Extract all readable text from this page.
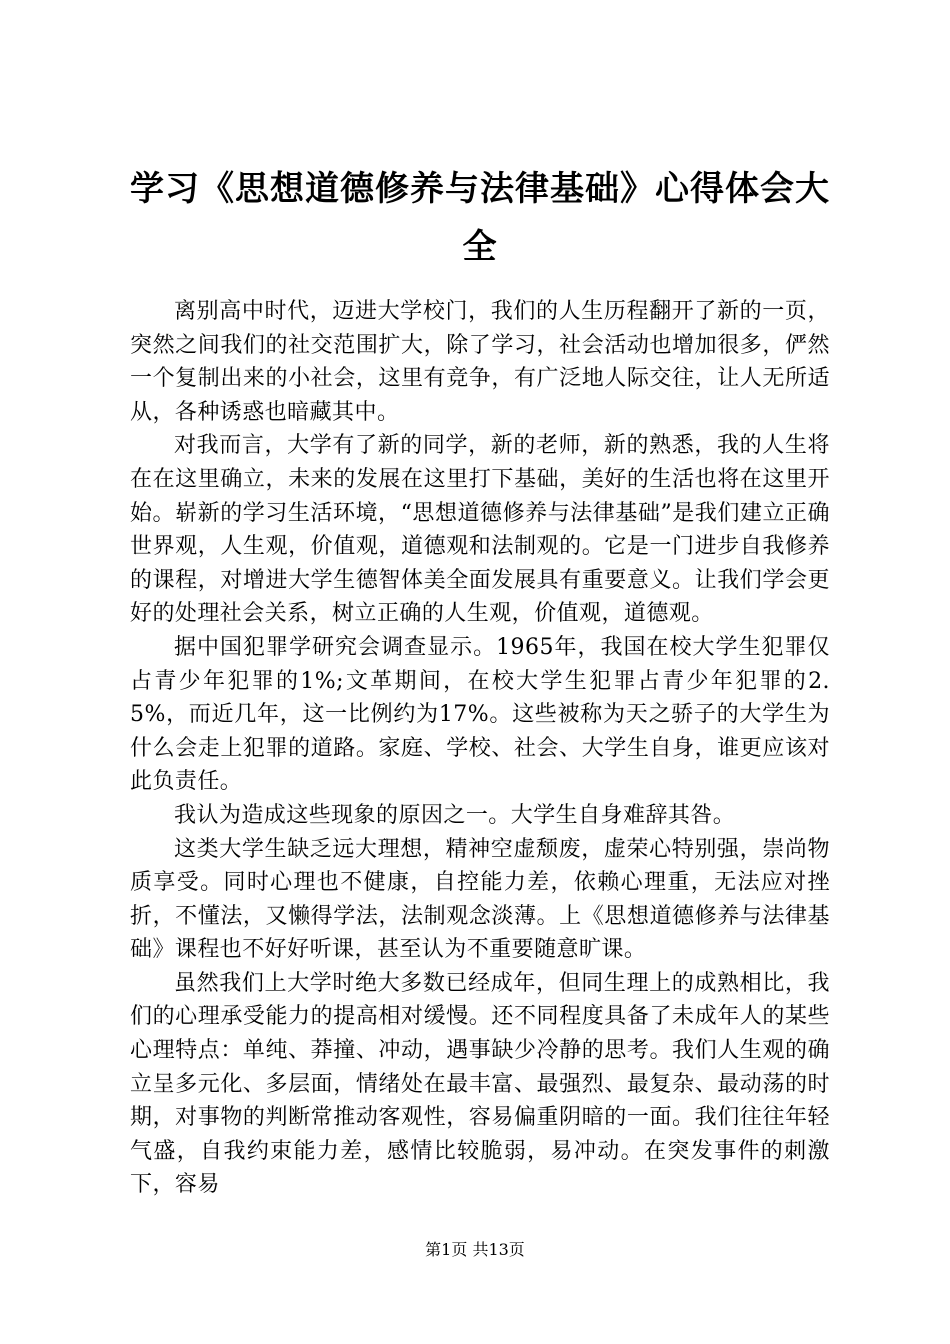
学习《思想道德修养与法律基础》心得体会大全

离别高中时代，迈进大学校门，我们的人生历程翻开了新的一页，突然之间我们的社交范围扩大，除了学习，社会活动也增加很多，俨然一个复制出来的小社会，这里有竞争，有广泛地人际交往，让人无所适从，各种诱惑也暗藏其中。

对我而言，大学有了新的同学，新的老师，新的熟悉，我的人生将在在这里确立，未来的发展在这里打下基础，美好的生活也将在这里开始。崭新的学习生活环境，“思想道德修养与法律基础”是我们建立正确世界观，人生观，价值观，道德观和法制观的。它是一门进步自我修养的课程，对增进大学生德智体美全面发展具有重要意义。让我们学会更好的处理社会关系，树立正确的人生观，价值观，道德观。

据中国犯罪学研究会调查显示。1965年，我国在校大学生犯罪仅占青少年犯罪的1%;文革期间，在校大学生犯罪占青少年犯罪的2.5%，而近几年，这一比例约为17%。这些被称为天之骄子的大学生为什么会走上犯罪的道路。家庭、学校、社会、大学生自身，谁更应该对此负责任。

我认为造成这些现象的原因之一。大学生自身难辞其咎。

这类大学生缺乏远大理想，精神空虚颓废，虚荣心特别强，崇尚物质享受。同时心理也不健康，自控能力差，依赖心理重，无法应对挫折，不懂法，又懒得学法，法制观念淡薄。上《思想道德修养与法律基础》课程也不好好听课，甚至认为不重要随意旷课。

虽然我们上大学时绝大多数已经成年，但同生理上的成熟相比，我们的心理承受能力的提高相对缓慢。还不同程度具备了未成年人的某些心理特点：单纯、莽撞、冲动，遇事缺少冷静的思考。我们人生观的确立呈多元化、多层面，情绪处在最丰富、最强烈、最复杂、最动荡的时期，对事物的判断常推动客观性，容易偏重阴暗的一面。我们往往年轻气盛，自我约束能力差，感情比较脆弱，易冲动。在突发事件的刺激下，容易

第1页 共13页
